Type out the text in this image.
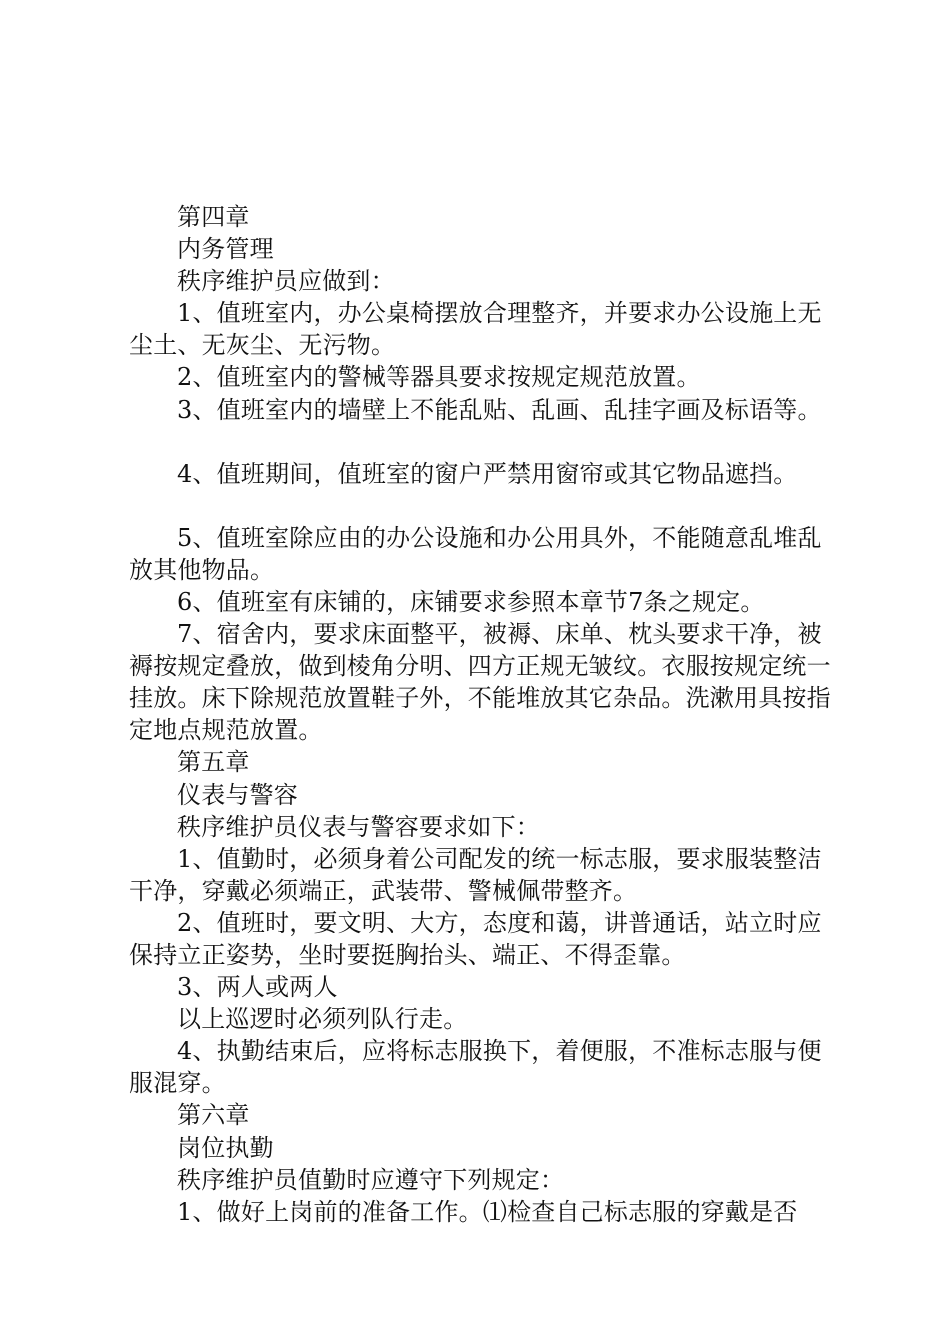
第四章

内务管理

秩序维护员应做到：

1、值班室内，办公桌椅摆放合理整齐，并要求办公设施上无尘土、无灰尘、无污物。

2、值班室内的警械等器具要求按规定规范放置。

3、值班室内的墙壁上不能乱贴、乱画、乱挂字画及标语等。

4、值班期间，值班室的窗户严禁用窗帘或其它物品遮挡。

5、值班室除应由的办公设施和办公用具外，不能随意乱堆乱放其他物品。

6、值班室有床铺的，床铺要求参照本章节7条之规定。

7、宿舍内，要求床面整平，被褥、床单、枕头要求干净，被褥按规定叠放，做到棱角分明、四方正规无皱纹。衣服按规定统一挂放。床下除规范放置鞋子外，不能堆放其它杂品。洗漱用具按指定地点规范放置。

第五章

仪表与警容

秩序维护员仪表与警容要求如下：

1、值勤时，必须身着公司配发的统一标志服，要求服装整洁干净，穿戴必须端正，武装带、警械佩带整齐。

2、值班时，要文明、大方，态度和蔼，讲普通话，站立时应保持立正姿势，坐时要挺胸抬头、端正、不得歪靠。

3、两人或两人

以上巡逻时必须列队行走。

4、执勤结束后，应将标志服换下，着便服，不准标志服与便服混穿。

第六章

岗位执勤

秩序维护员值勤时应遵守下列规定：

1、做好上岗前的准备工作。⑴检查自己标志服的穿戴是否
